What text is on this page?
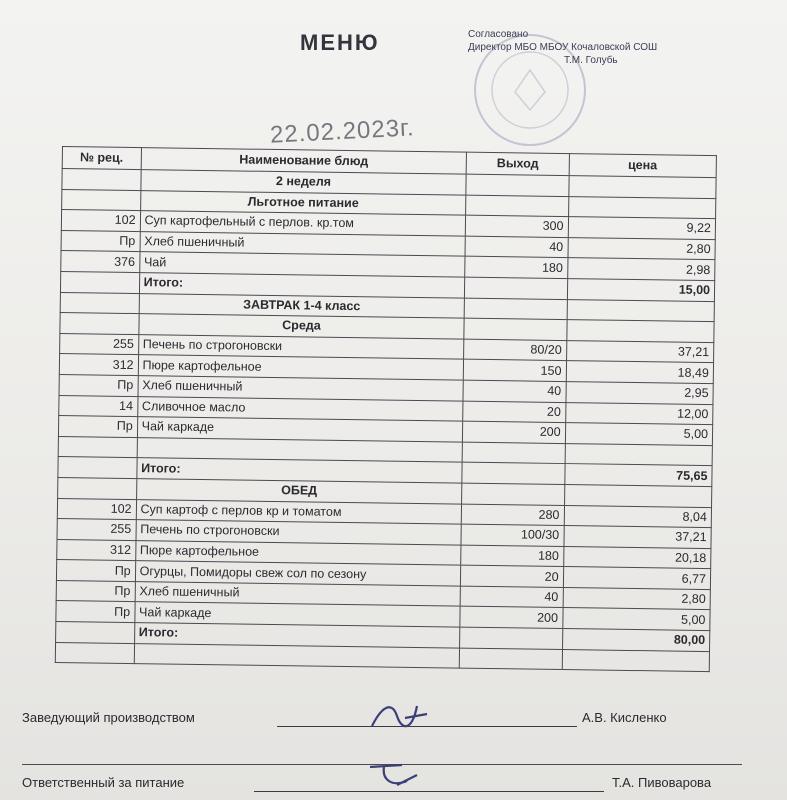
МЕНЮ	Согласовано
Директор МБО МБОУ Кочаловской СОШ
Т.М. Голубь
22.02.2023г.
№ рец.	Наименование блюд	Выход	цена
	2 неделя		
	Льготное питание		
102	Суп картофельный с перлов. кр.том	300	9,22
Пр	Хлеб пшеничный	40	2,80
376	Чай	180	2,98
	Итого:		15,00
	ЗАВТРАК 1-4 класс		
	Среда		
255	Печень по строгоновски	80/20	37,21
312	Пюре картофельное	150	18,49
Пр	Хлеб пшеничный	40	2,95
14	Сливочное масло	20	12,00
Пр	Чай каркаде	200	5,00

	Итого:		75,65
	ОБЕД		
102	Суп картоф с перлов кр и томатом	280	8,04
255	Печень по строгоновски	100/30	37,21
312	Пюре картофельное	180	20,18
Пр	Огурцы, Помидоры свеж сол по сезону	20	6,77
Пр	Хлеб пшеничный	40	2,80
Пр	Чай каркаде	200	5,00
	Итого:		80,00

Заведующий производством	А.В. Кисленко
Ответственный за питание	Т.А. Пивоварова
